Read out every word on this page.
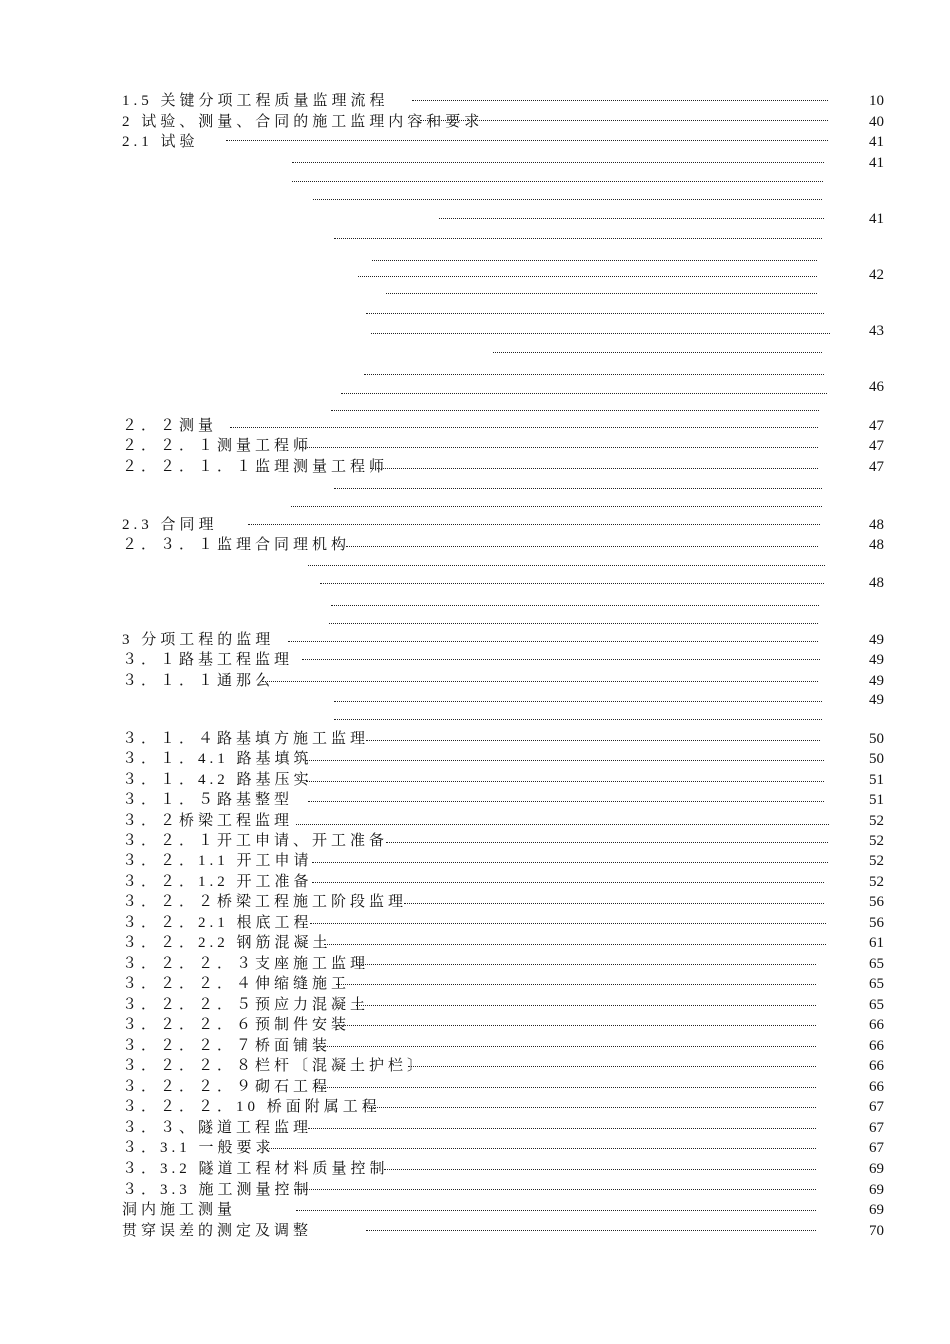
1.5 关键分项工程质量监理流程	10
2 试验、测量、合同的施工监理内容和要求	40
2.1 试验	41
41
41
42
43
46
２．２测量	47
２．２．１测量工程师	47
２．２．１．１监理测量工程师	47
2.3 合同理	48
２．３．１监理合同理机构	48
48
3 分项工程的监理	49
３．１路基工程监理	49
３．１．１通那么	49
49
３．１．４路基填方施工监理	50
３．１．4.1 路基填筑	50
３．１．4.2 路基压实	51
３．１．５路基整型	51
３．２桥梁工程监理	52
３．２．１开工申请、开工准备	52
３．２．1.1 开工申请	52
３．２．1.2 开工准备	52
３．２．２桥梁工程施工阶段监理	56
３．２．2.1 根底工程	56
３．２．2.2 钢筋混凝土	61
３．２．２．３支座施工监理	65
３．２．２．４伸缩缝施工	65
３．２．２．５预应力混凝土	65
３．２．２．６预制件安装	66
３．２．２．７桥面铺装	66
３．２．２．８栏杆〔混凝土护栏〕	66
３．２．２．９砌石工程	66
３．２．２．10 桥面附属工程	67
３．３、隧道工程监理	67
３．3.1 一般要求	67
３．3.2 隧道工程材料质量控制	69
３．3.3 施工测量控制	69
洞内施工测量	69
贯穿误差的测定及调整	70
